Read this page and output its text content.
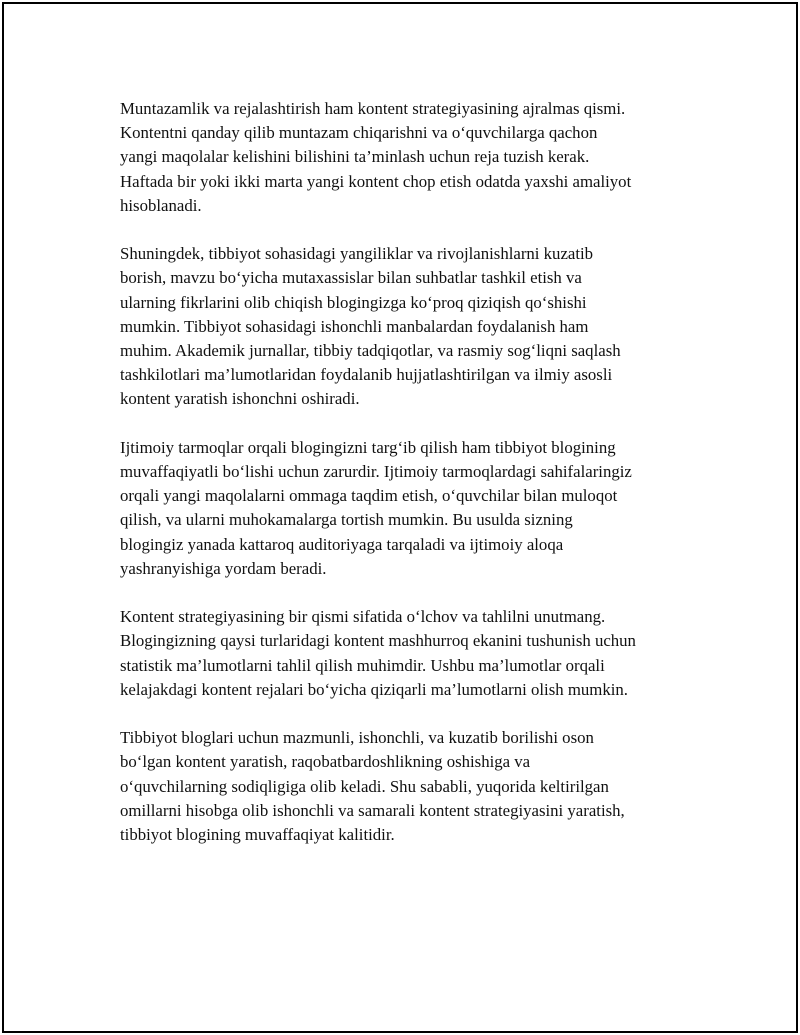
Muntazamlik va rejalashtirish ham kontent strategiyasining ajralmas qismi.
Kontentni qanday qilib muntazam chiqarishni va oʻquvchilarga qachon
yangi maqolalar kelishini bilishini ta’minlash uchun reja tuzish kerak.
Haftada bir yoki ikki marta yangi kontent chop etish odatda yaxshi amaliyot
hisoblanadi.

Shuningdek, tibbiyot sohasidagi yangiliklar va rivojlanishlarni kuzatib
borish, mavzu boʻyicha mutaxassislar bilan suhbatlar tashkil etish va
ularning fikrlarini olib chiqish blogingizga koʻproq qiziqish qoʻshishi
mumkin. Tibbiyot sohasidagi ishonchli manbalardan foydalanish ham
muhim. Akademik jurnallar, tibbiy tadqiqotlar, va rasmiy sogʻliqni saqlash
tashkilotlari ma’lumotlaridan foydalanib hujjatlashtirilgan va ilmiy asosli
kontent yaratish ishonchni oshiradi.

Ijtimoiy tarmoqlar orqali blogingizni targʻib qilish ham tibbiyot blogining
muvaffaqiyatli boʻlishi uchun zarurdir. Ijtimoiy tarmoqlardagi sahifalaringiz
orqali yangi maqolalarni ommaga taqdim etish, oʻquvchilar bilan muloqot
qilish, va ularni muhokamalarga tortish mumkin. Bu usulda sizning
blogingiz yanada kattaroq auditoriyaga tarqaladi va ijtimoiy aloqa
yashranyishiga yordam beradi.

Kontent strategiyasining bir qismi sifatida oʻlchov va tahlilni unutmang.
Blogingizning qaysi turlaridagi kontent mashhurroq ekanini tushunish uchun
statistik ma’lumotlarni tahlil qilish muhimdir. Ushbu ma’lumotlar orqali
kelajakdagi kontent rejalari boʻyicha qiziqarli ma’lumotlarni olish mumkin.

Tibbiyot bloglari uchun mazmunli, ishonchli, va kuzatib borilishi oson
boʻlgan kontent yaratish, raqobatbardoshlikning oshishiga va
oʻquvchilarning sodiqligiga olib keladi. Shu sababli, yuqorida keltirilgan
omillarni hisobga olib ishonchli va samarali kontent strategiyasini yaratish,
tibbiyot blogining muvaffaqiyat kalitidir.
